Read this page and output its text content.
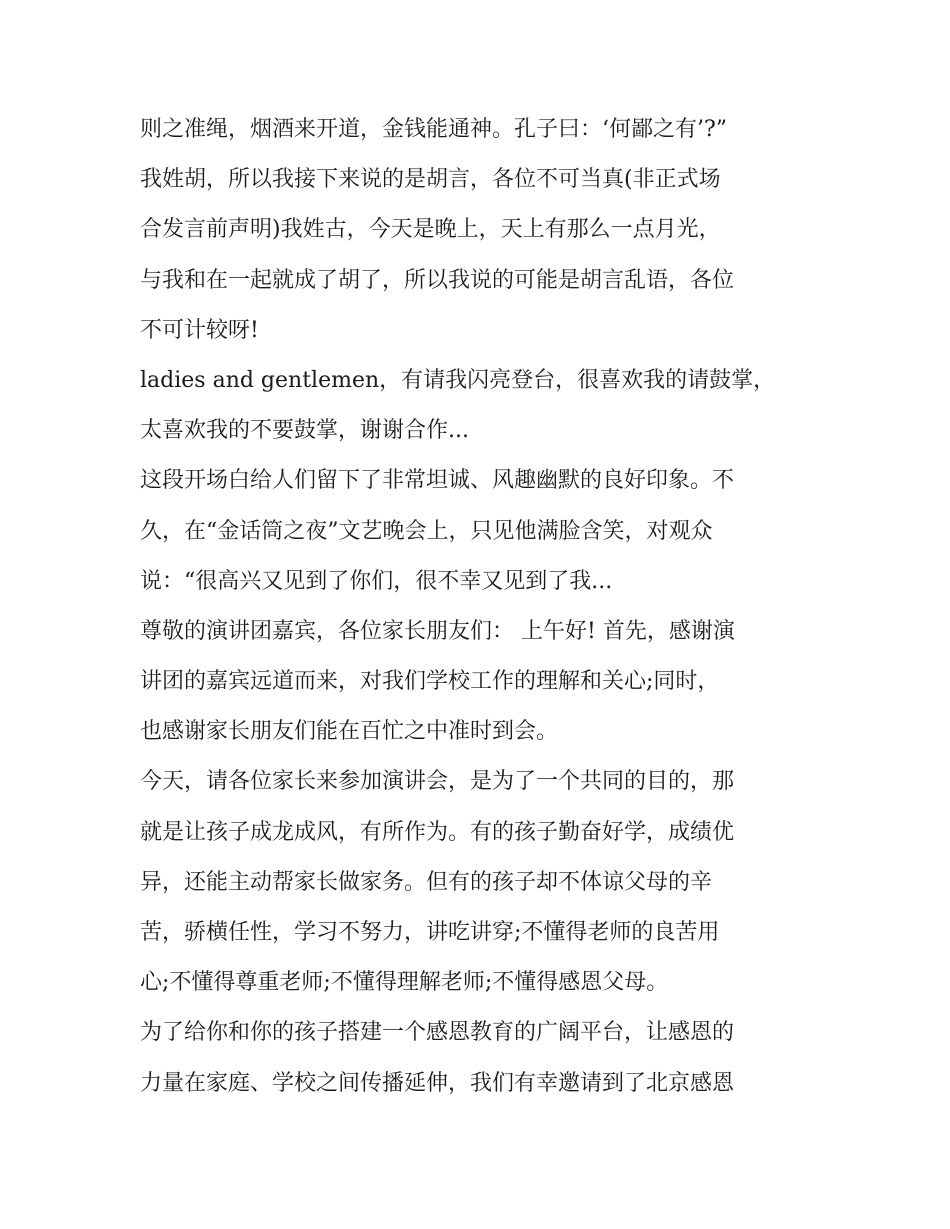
则之准绳，烟酒来开道，金钱能通神。孔子曰：‘何鄙之有’?”

我姓胡，所以我接下来说的是胡言，各位不可当真(非正式场

合发言前声明)我姓古，今天是晚上，天上有那么一点月光，

与我和在一起就成了胡了，所以我说的可能是胡言乱语，各位

不可计较呀!

ladies and gentlemen，有请我闪亮登台，很喜欢我的请鼓掌，

太喜欢我的不要鼓掌，谢谢合作...

这段开场白给人们留下了非常坦诚、风趣幽默的良好印象。不

久，在“金话筒之夜”文艺晚会上，只见他满脸含笑，对观众

说：“很高兴又见到了你们，很不幸又见到了我...

尊敬的演讲团嘉宾，各位家长朋友们： 上午好! 首先，感谢演

讲团的嘉宾远道而来，对我们学校工作的理解和关心;同时，

也感谢家长朋友们能在百忙之中准时到会。

今天，请各位家长来参加演讲会，是为了一个共同的目的，那

就是让孩子成龙成风，有所作为。有的孩子勤奋好学，成绩优

异，还能主动帮家长做家务。但有的孩子却不体谅父母的辛

苦，骄横任性，学习不努力，讲吃讲穿;不懂得老师的良苦用

心;不懂得尊重老师;不懂得理解老师;不懂得感恩父母。

为了给你和你的孩子搭建一个感恩教育的广阔平台，让感恩的

力量在家庭、学校之间传播延伸，我们有幸邀请到了北京感恩
